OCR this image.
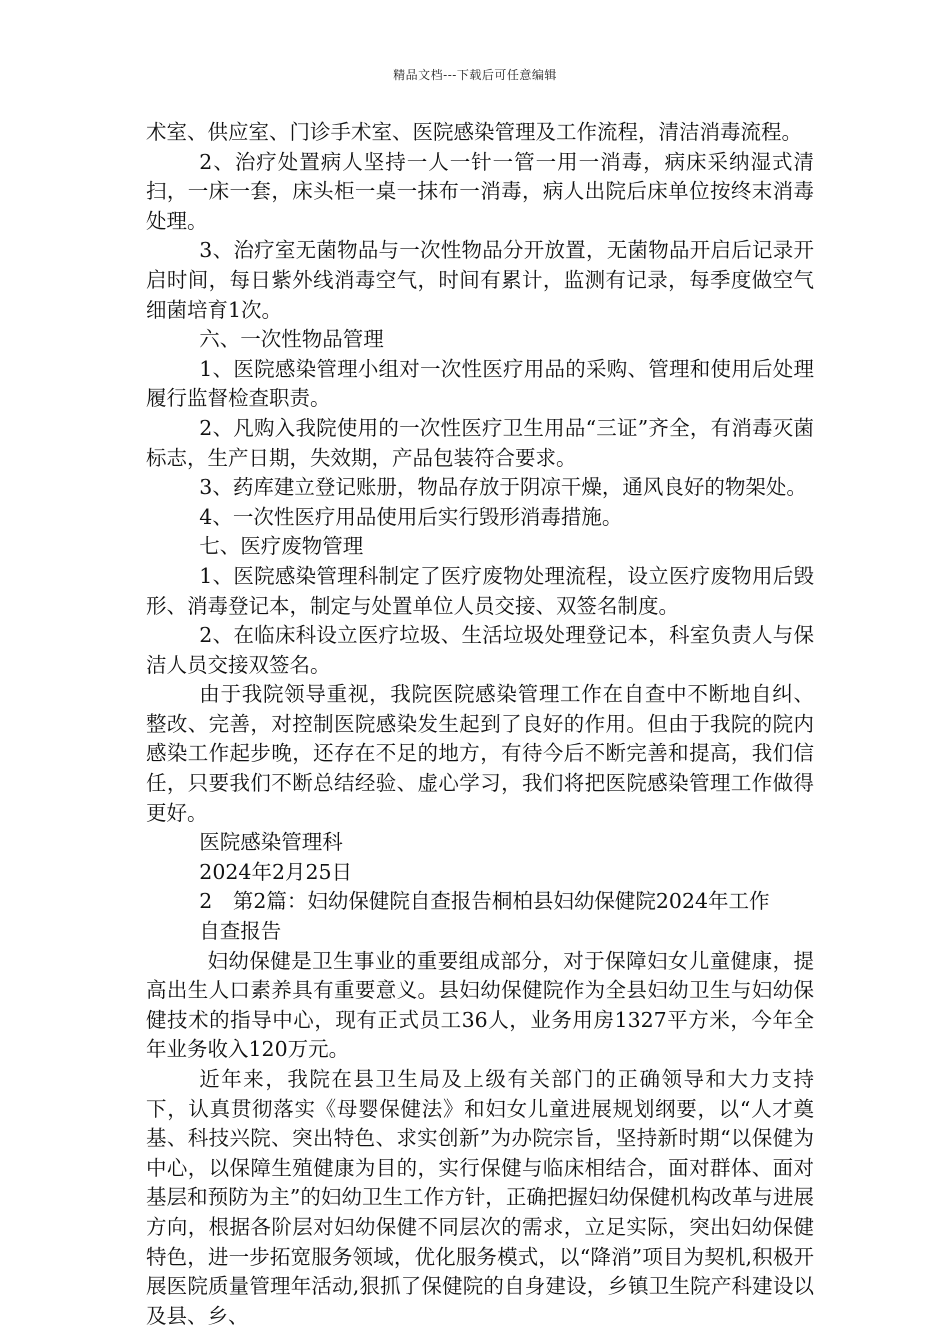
精品文档---下载后可任意编辑

术室、供应室、门诊手术室、医院感染管理及工作流程，清洁消毒流程。

2、治疗处置病人坚持一人一针一管一用一消毒，病床采纳湿式清扫，一床一套，床头柜一桌一抹布一消毒，病人出院后床单位按终末消毒处理。

3、治疗室无菌物品与一次性物品分开放置，无菌物品开启后记录开启时间，每日紫外线消毒空气，时间有累计，监测有记录，每季度做空气细菌培育1次。

六、一次性物品管理

1、医院感染管理小组对一次性医疗用品的采购、管理和使用后处理履行监督检查职责。

2、凡购入我院使用的一次性医疗卫生用品“三证”齐全，有消毒灭菌标志，生产日期，失效期，产品包装符合要求。

3、药库建立登记账册，物品存放于阴凉干燥，通风良好的物架处。

4、一次性医疗用品使用后实行毁形消毒措施。

七、医疗废物管理

1、医院感染管理科制定了医疗废物处理流程，设立医疗废物用后毁形、消毒登记本，制定与处置单位人员交接、双签名制度。

2、在临床科设立医疗垃圾、生活垃圾处理登记本，科室负责人与保洁人员交接双签名。

由于我院领导重视，我院医院感染管理工作在自查中不断地自纠、整改、完善，对控制医院感染发生起到了良好的作用。但由于我院的院内感染工作起步晚，还存在不足的地方，有待今后不断完善和提高，我们信任，只要我们不断总结经验、虚心学习，我们将把医院感染管理工作做得更好。

医院感染管理科

2024年2月25日

2　第2篇：妇幼保健院自查报告桐柏县妇幼保健院2024年工作

自查报告

妇幼保健是卫生事业的重要组成部分，对于保障妇女儿童健康，提高出生人口素养具有重要意义。县妇幼保健院作为全县妇幼卫生与妇幼保健技术的指导中心，现有正式员工36人，业务用房1327平方米，今年全年业务收入120万元。

近年来，我院在县卫生局及上级有关部门的正确领导和大力支持下，认真贯彻落实《母婴保健法》和妇女儿童进展规划纲要，以“人才奠基、科技兴院、突出特色、求实创新”为办院宗旨，坚持新时期“以保健为中心，以保障生殖健康为目的，实行保健与临床相结合，面对群体、面对基层和预防为主”的妇幼卫生工作方针，正确把握妇幼保健机构改革与进展方向，根据各阶层对妇幼保健不同层次的需求，立足实际，突出妇幼保健特色，进一步拓宽服务领域，优化服务模式，以“降消”项目为契机,积极开展医院质量管理年活动,狠抓了保健院的自身建设，乡镇卫生院产科建设以及县、乡、
